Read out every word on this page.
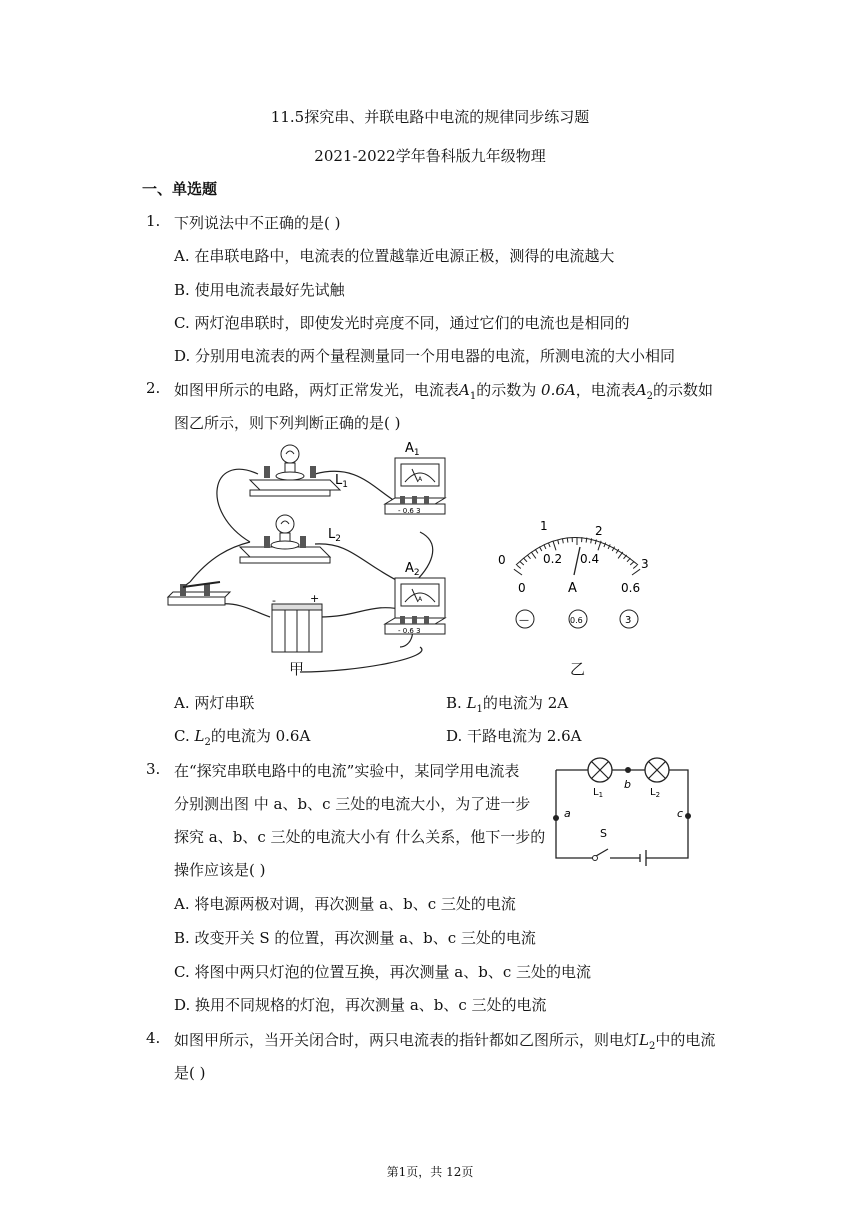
11.5探究串、并联电路中电流的规律同步练习题
2021-2022学年鲁科版九年级物理
一、单选题
1. 下列说法中不正确的是( )
A. 在串联电路中，电流表的位置越靠近电源正极，测得的电流越大
B. 使用电流表最好先试触
C. 两灯泡串联时，即使发光时亮度不同，通过它们的电流也是相同的
D. 分别用电流表的两个量程测量同一个用电器的电流，所测电流的大小相同
2. 如图甲所示的电路，两灯正常发光，电流表$A_1$的示数为 0.6A，电流表$A_2$的示数如
图乙所示，则下列判断正确的是( )
$L_1$
$L_2$
$A_1$
A
- 0.6 3
$A_2$
A
- 0.6 3
-	+
甲
0
1	2
3
0
0.2 0.4
0.6
A
—	0.6	3
乙
A. 两灯串联	B. $L_1$的电流为 2A
C. $L_2$的电流为 0.6A	D. 干路电流为 2.6A
3. 在“探究串联电路中的电流”实验中，某同学用电流表
分别测出图 中 a、b、c 三处的电流大小，为了进一步
探究 a、b、c 三处的电流大小有 什么关系，他下一步的
操作应该是( )
$L_1$	$L_2$
b
a	c
S
A. 将电源两极对调，再次测量 a、b、c 三处的电流
B. 改变开关 S 的位置，再次测量 a、b、c 三处的电流
C. 将图中两只灯泡的位置互换，再次测量 a、b、c 三处的电流
D. 换用不同规格的灯泡，再次测量 a、b、c 三处的电流
4. 如图甲所示，当开关闭合时，两只电流表的指针都如乙图所示，则电灯$L_2$中的电流
是( )
第1页，共 12页
